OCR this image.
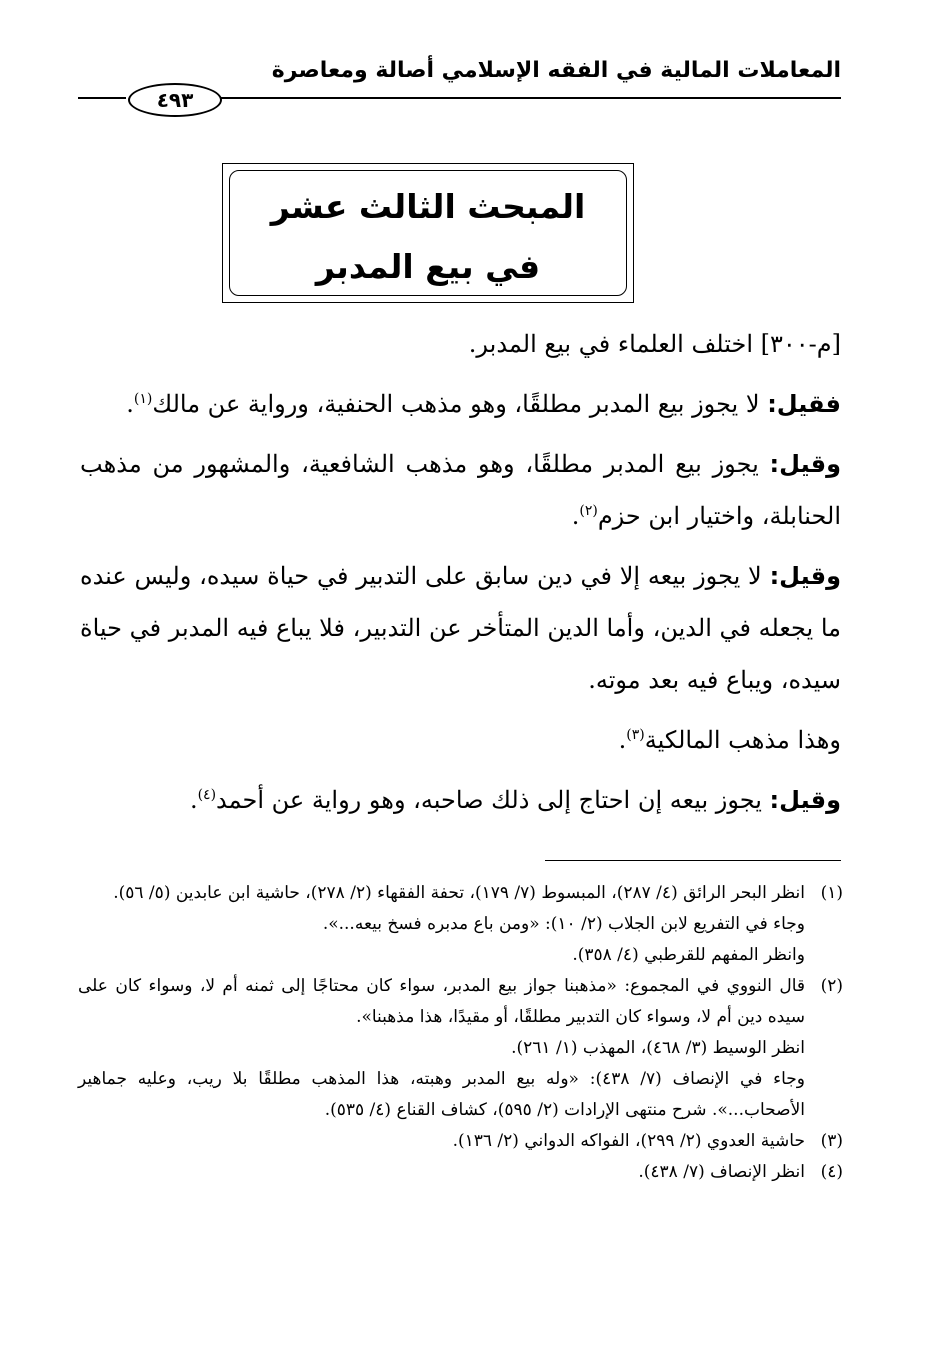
المعاملات المالية في الفقه الإسلامي أصالة ومعاصرة
٤٩٣
المبحث الثالث عشر
في بيع المدبر

[م-٣٠٠] اختلف العلماء في بيع المدبر.

فقيل: لا يجوز بيع المدبر مطلقًا، وهو مذهب الحنفية، ورواية عن مالك$^{(١)}$.

وقيل: يجوز بيع المدبر مطلقًا، وهو مذهب الشافعية، والمشهور من مذهب الحنابلة، واختيار ابن حزم$^{(٢)}$.

وقيل: لا يجوز بيعه إلا في دين سابق على التدبير في حياة سيده، وليس عنده ما يجعله في الدين، وأما الدين المتأخر عن التدبير، فلا يباع فيه المدبر في حياة سيده، ويباع فيه بعد موته.

وهذا مذهب المالكية$^{(٣)}$.

وقيل: يجوز بيعه إن احتاج إلى ذلك صاحبه، وهو رواية عن أحمد$^{(٤)}$.

(١)

انظر البحر الرائق (٤/ ٢٨٧)، المبسوط (٧/ ١٧٩)، تحفة الفقهاء (٢/ ٢٧٨)، حاشية ابن عابدين (٥/ ٥٦).

وجاء في التفريع لابن الجلاب (٢/ ١٠): «ومن باع مدبره فسخ بيعه...».

وانظر المفهم للقرطبي (٤/ ٣٥٨).

(٢)

قال النووي في المجموع: «مذهبنا جواز بيع المدبر، سواء كان محتاجًا إلى ثمنه أم لا، وسواء كان على سيده دين أم لا، وسواء كان التدبير مطلقًا، أو مقيدًا، هذا مذهبنا».

انظر الوسيط (٣/ ٤٦٨)، المهذب (١/ ٢٦١).

وجاء في الإنصاف (٧/ ٤٣٨): «وله بيع المدبر وهبته، هذا المذهب مطلقًا بلا ريب، وعليه جماهير الأصحاب...». شرح منتهى الإرادات (٢/ ٥٩٥)، كشاف القناع (٤/ ٥٣٥).

(٣)

حاشية العدوي (٢/ ٢٩٩)، الفواكه الدواني (٢/ ١٣٦).

(٤)

انظر الإنصاف (٧/ ٤٣٨).
